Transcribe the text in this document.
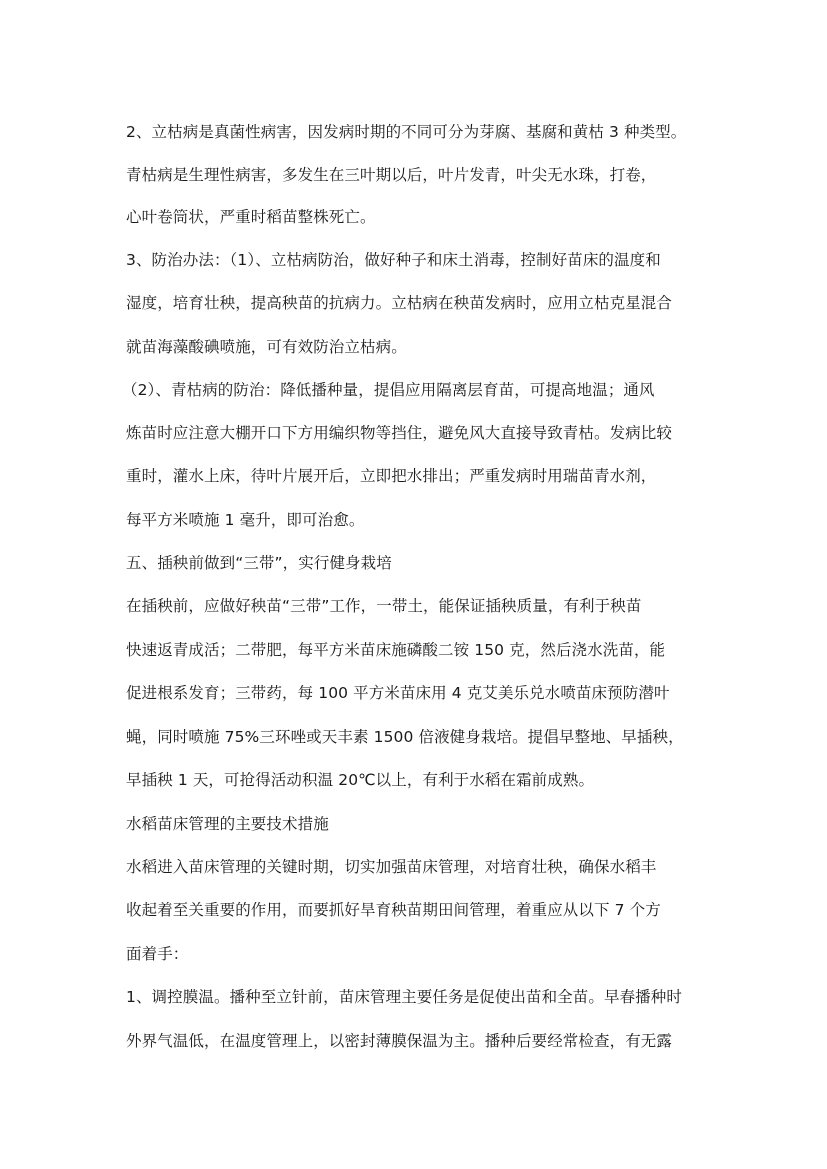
2、立枯病是真菌性病害，因发病时期的不同可分为芽腐、基腐和黄枯 3 种类型。
青枯病是生理性病害，多发生在三叶期以后，叶片发青，叶尖无水珠，打卷，
心叶卷筒状，严重时稻苗整株死亡。
3、防治办法：（1）、立枯病防治，做好种子和床土消毒，控制好苗床的温度和
湿度，培育壮秧，提高秧苗的抗病力。立枯病在秧苗发病时，应用立枯克星混合
就苗海藻酸碘喷施，可有效防治立枯病。
（2）、青枯病的防治：降低播种量，提倡应用隔离层育苗，可提高地温；通风
炼苗时应注意大棚开口下方用编织物等挡住，避免风大直接导致青枯。发病比较
重时，灌水上床，待叶片展开后，立即把水排出；严重发病时用瑞苗青水剂，
每平方米喷施 1 毫升，即可治愈。
五、插秧前做到“三带”，实行健身栽培
在插秧前，应做好秧苗“三带”工作，一带土，能保证插秧质量，有利于秧苗
快速返青成活；二带肥，每平方米苗床施磷酸二铵 150 克，然后浇水洗苗，能
促进根系发育；三带药，每 100 平方米苗床用 4 克艾美乐兑水喷苗床预防潜叶
蝇，同时喷施 75%三环唑或天丰素 1500 倍液健身栽培。提倡早整地、早插秧，
早插秧 1 天，可抢得活动积温 20℃以上，有利于水稻在霜前成熟。
水稻苗床管理的主要技术措施
水稻进入苗床管理的关键时期，切实加强苗床管理，对培育壮秧，确保水稻丰
收起着至关重要的作用，而要抓好旱育秧苗期田间管理，着重应从以下 7 个方
面着手：
1、调控膜温。播种至立针前，苗床管理主要任务是促使出苗和全苗。早春播种时
外界气温低，在温度管理上，以密封薄膜保温为主。播种后要经常检查，有无露
